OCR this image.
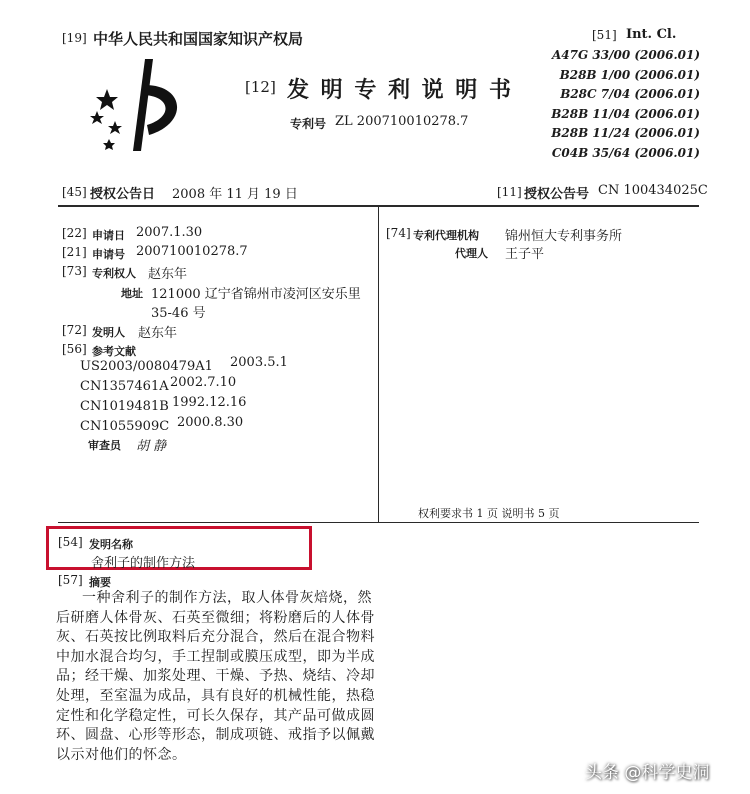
[19] 中华人民共和国国家知识产权局
[12] 发 明 专 利 说 明 书
专利号 ZL 200710010278.7
[51] Int. Cl.
A47G 33/00 (2006.01)
B28B 1/00 (2006.01)
B28C 7/04 (2006.01)
B28B 11/04 (2006.01)
B28B 11/24 (2006.01)
C04B 35/64 (2006.01)
[45] 授权公告日 2008 年 11 月 19 日	[11] 授权公告号 CN 100434025C
[22] 申请日 2007.1.30
[21] 申请号 200710010278.7
[73] 专利权人 赵东年
地址 121000 辽宁省锦州市凌河区安乐里
35-46 号
[72] 发明人 赵东年
[56] 参考文献
US2003/0080479A1 2003.5.1
CN1357461A 2002.7.10
CN1019481B 1992.12.16
CN1055909C 2000.8.30
审查员 胡 静
[74] 专利代理机构 锦州恒大专利事务所
代理人 王子平
权利要求书 1 页 说明书 5 页
[54] 发明名称
舍利子的制作方法
[57] 摘要
一种舍利子的制作方法，取人体骨灰焙烧，然
后研磨人体骨灰、石英至微细；将粉磨后的人体骨
灰、石英按比例取料后充分混合，然后在混合物料
中加水混合均匀，手工捏制或膜压成型，即为半成
品；经干燥、加浆处理、干燥、予热、烧结、冷却
处理，至室温为成品，具有良好的机械性能，热稳
定性和化学稳定性，可长久保存，其产品可做成圆
环、圆盘、心形等形态，制成项链、戒指予以佩戴
以示对他们的怀念。
头条 @科学史洞
